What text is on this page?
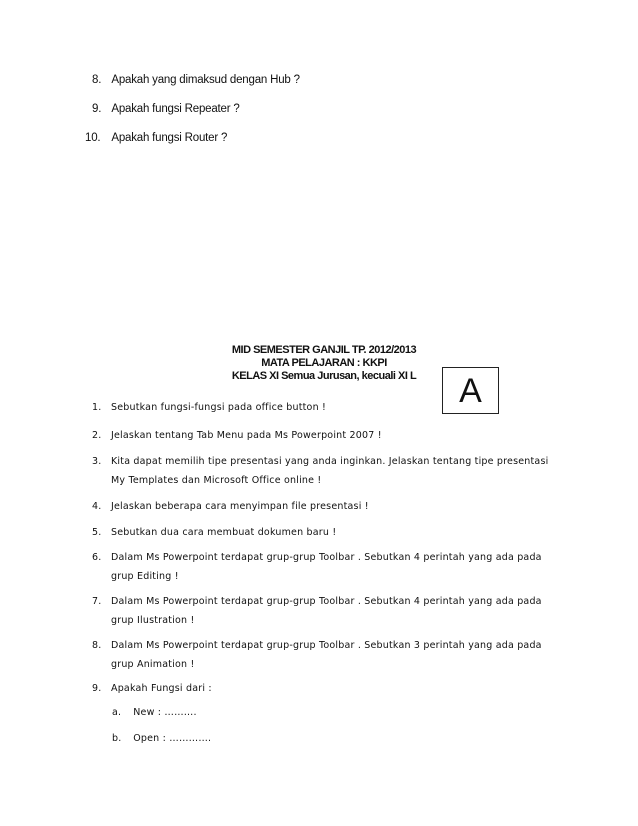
8. Apakah yang dimaksud dengan Hub ?
9. Apakah fungsi Repeater ?
10. Apakah fungsi Router ?
MID SEMESTER GANJIL TP. 2012/2013
MATA PELAJARAN : KKPI
KELAS XI Semua Jurusan, kecuali XI L	A
1. Sebutkan fungsi-fungsi pada office button !
2. Jelaskan tentang Tab Menu pada Ms Powerpoint 2007 !
3. Kita dapat memilih tipe presentasi yang anda inginkan. Jelaskan tentang tipe presentasi My Templates dan Microsoft Office online !
4. Jelaskan beberapa cara menyimpan file presentasi !
5. Sebutkan dua cara membuat dokumen baru !
6. Dalam Ms Powerpoint terdapat grup-grup Toolbar . Sebutkan 4 perintah yang ada pada grup Editing !
7. Dalam Ms Powerpoint terdapat grup-grup Toolbar . Sebutkan 4 perintah yang ada pada grup Ilustration !
8. Dalam Ms Powerpoint terdapat grup-grup Toolbar . Sebutkan 3 perintah yang ada pada grup Animation !
9. Apakah Fungsi dari :
a. New : ……….
b. Open : ………….
